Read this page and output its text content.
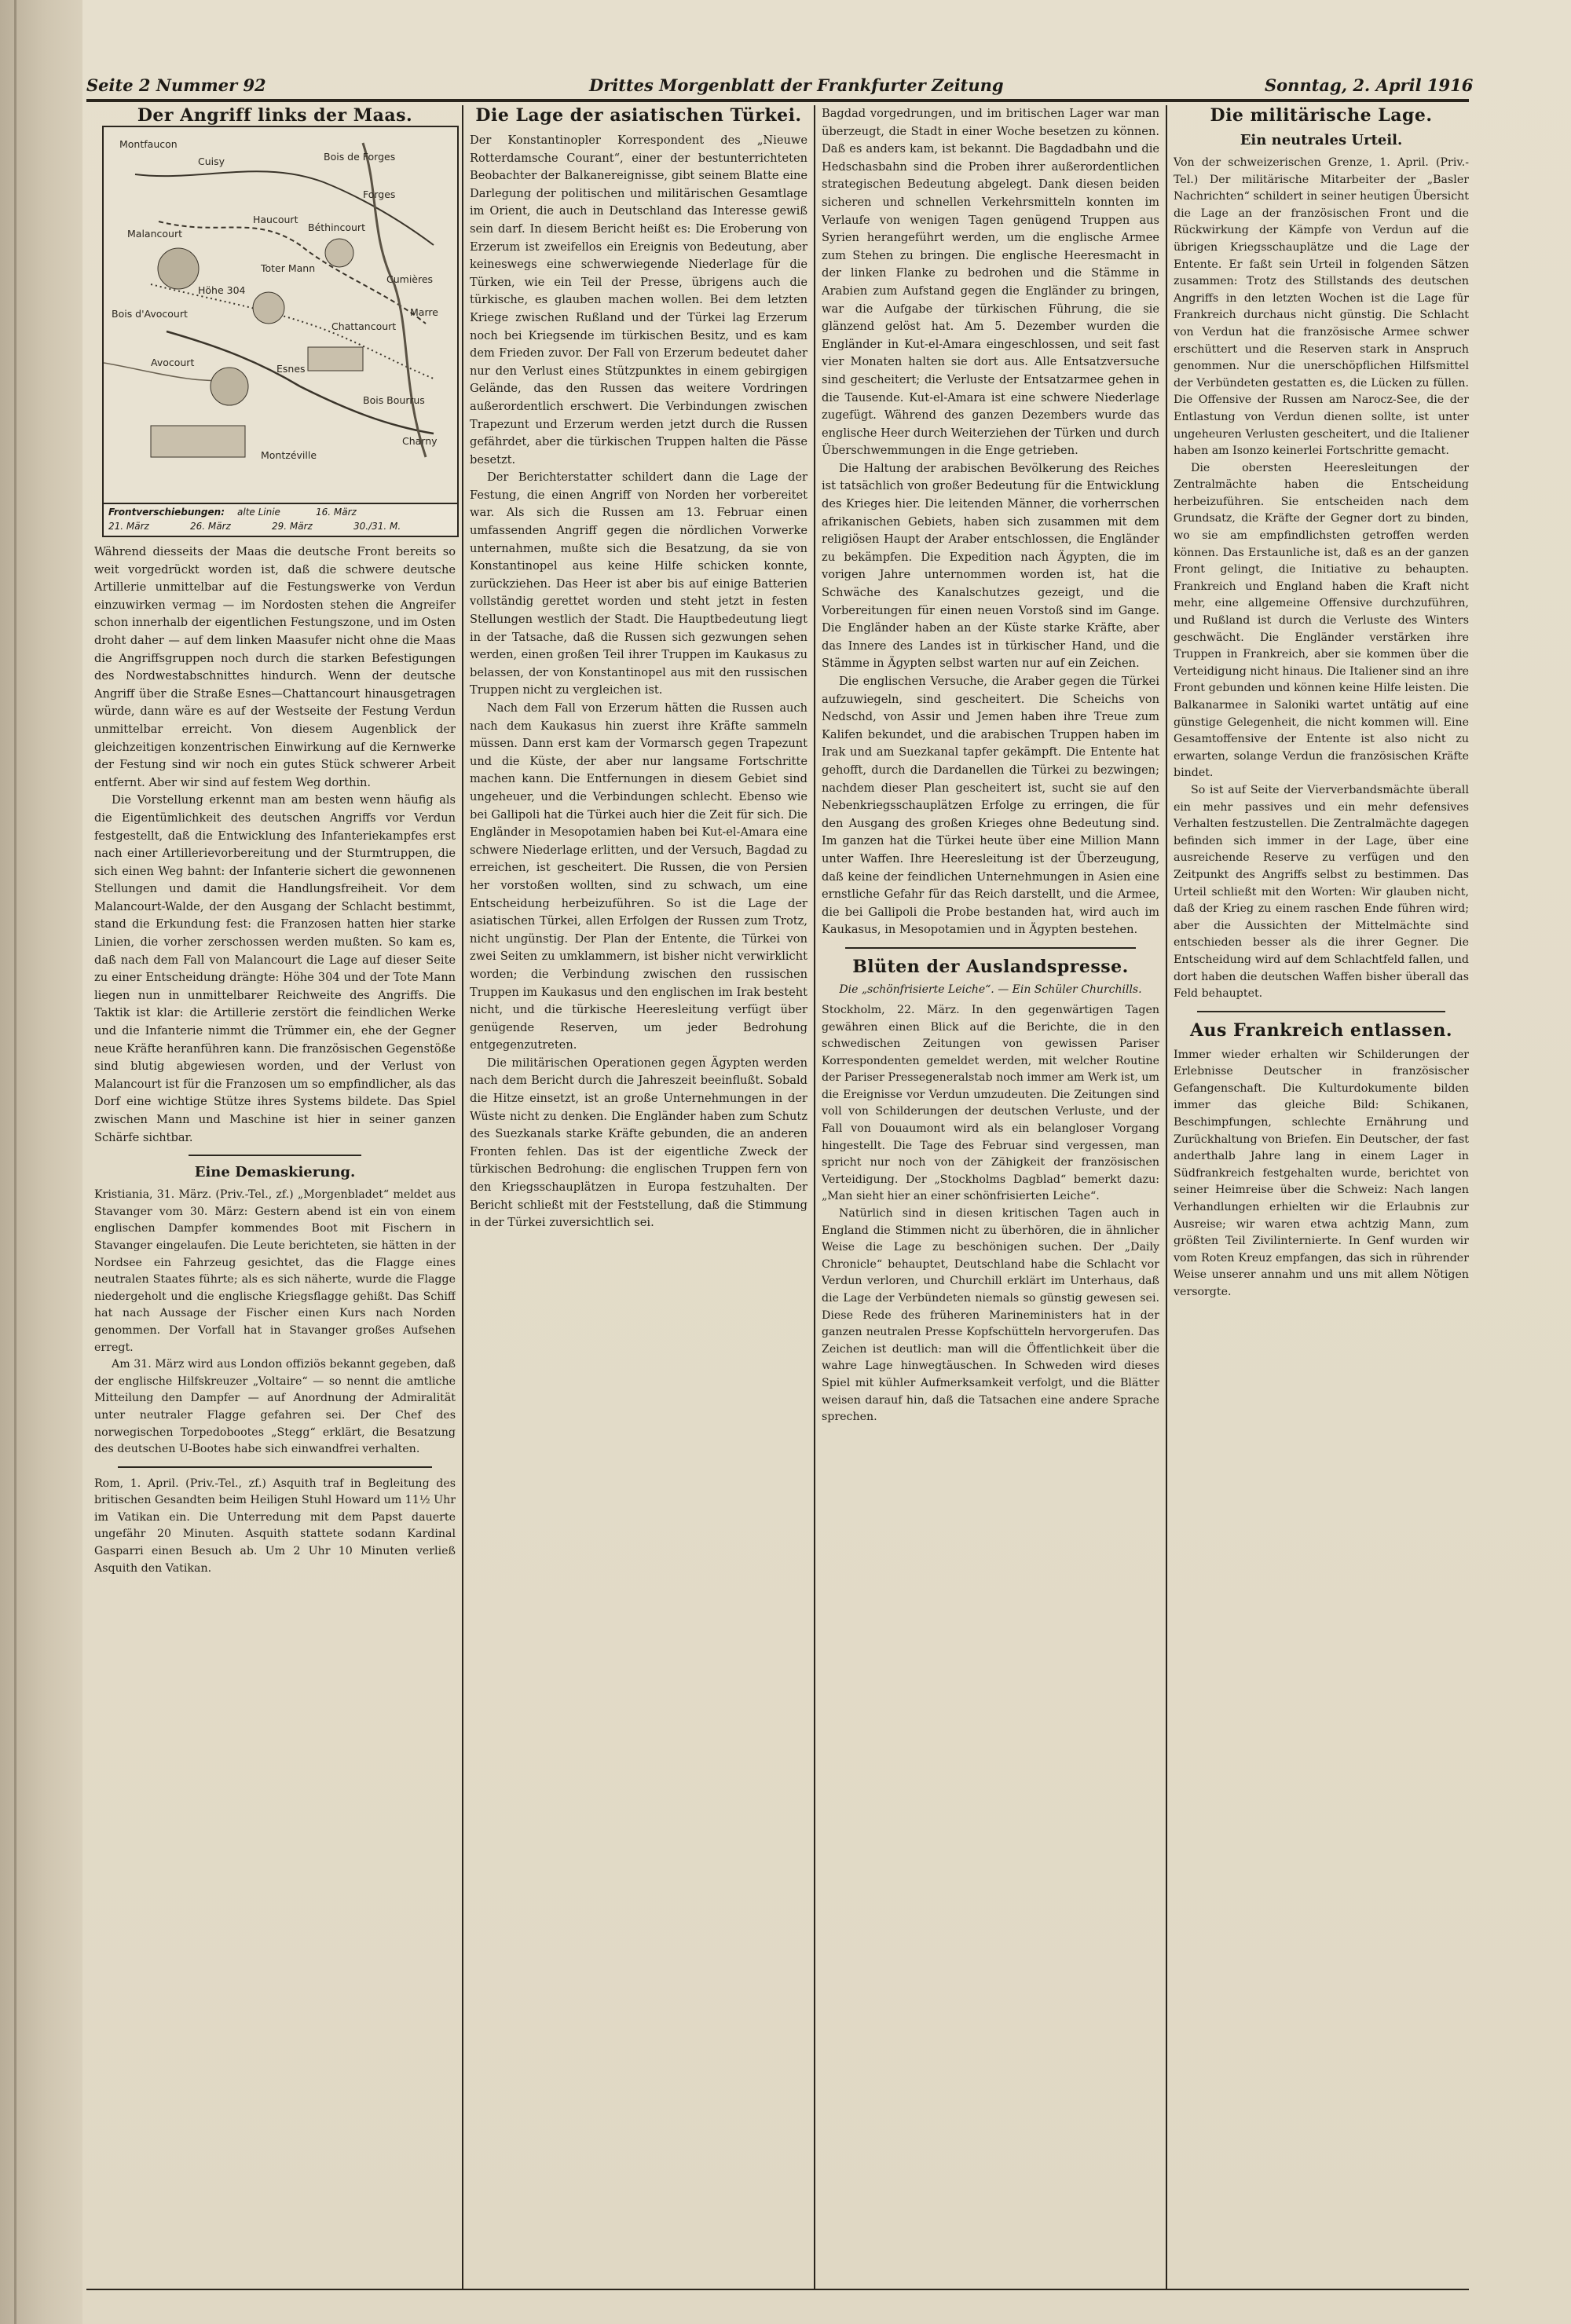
Seite 2 Nummer 92	Drittes Morgenblatt der Frankfurter Zeitung	Sonntag, 2. April 1916
Der Angriff links der Maas.
Montfaucon
Cuisy	Bois de Forges
Forges
Malancourt
Haucourt
Béthincourt
Cumières
Bois d'Avocourt
Avocourt
Chattancourt
Marre
Höhe 304
Toter Mann
Esnes
Montzéville
Bois Bourrus
Charny
Frontverschiebungen: alte Linie	16. März
21. März	26. März	29. März	30./31. M.

Während diesseits der Maas die deutsche Front bereits so weit vorgedrückt worden ist, daß die schwere deutsche Artillerie unmittelbar auf die Festungswerke von Verdun einzuwirken vermag — im Nordosten stehen die Angreifer schon innerhalb der eigentlichen Festungszone, und im Osten droht daher — auf dem linken Maasufer nicht ohne die Maas die Angriffsgruppen noch durch die starken Befestigungen des Nordwestabschnittes hindurch. Wenn der deutsche Angriff über die Straße Esnes—Chattancourt hinausgetragen würde, dann wäre es auf der Westseite der Festung Verdun unmittelbar erreicht. Von diesem Augenblick der gleichzeitigen konzentrischen Einwirkung auf die Kernwerke der Festung sind wir noch ein gutes Stück schwerer Arbeit entfernt. Aber wir sind auf festem Weg dorthin.

Die Vorstellung erkennt man am besten wenn häufig als die Eigentümlichkeit des deutschen Angriffs vor Verdun festgestellt, daß die Entwicklung des Infanteriekampfes erst nach einer Artillerievorbereitung und der Sturmtruppen, die sich einen Weg bahnt: der Infanterie sichert die gewonnenen Stellungen und damit die Handlungsfreiheit. Vor dem Malancourt-Walde, der den Ausgang der Schlacht bestimmt, stand die Erkundung fest: die Franzosen hatten hier starke Linien, die vorher zerschossen werden mußten. So kam es, daß nach dem Fall von Malancourt die Lage auf dieser Seite zu einer Entscheidung drängte: Höhe 304 und der Tote Mann liegen nun in unmittelbarer Reichweite des Angriffs. Die Taktik ist klar: die Artillerie zerstört die feindlichen Werke und die Infanterie nimmt die Trümmer ein, ehe der Gegner neue Kräfte heranführen kann. Die französischen Gegenstöße sind blutig abgewiesen worden, und der Verlust von Malancourt ist für die Franzosen um so empfindlicher, als das Dorf eine wichtige Stütze ihres Systems bildete. Das Spiel zwischen Mann und Maschine ist hier in seiner ganzen Schärfe sichtbar.

Eine Demaskierung.

Kristiania, 31. März. (Priv.-Tel., zf.) „Morgenbladet“ meldet aus Stavanger vom 30. März: Gestern abend ist ein von einem englischen Dampfer kommendes Boot mit Fischern in Stavanger eingelaufen. Die Leute berichteten, sie hätten in der Nordsee ein Fahrzeug gesichtet, das die Flagge eines neutralen Staates führte; als es sich näherte, wurde die Flagge niedergeholt und die englische Kriegsflagge gehißt. Das Schiff hat nach Aussage der Fischer einen Kurs nach Norden genommen. Der Vorfall hat in Stavanger großes Aufsehen erregt.

Am 31. März wird aus London offiziös bekannt gegeben, daß der englische Hilfskreuzer „Voltaire“ — so nennt die amtliche Mitteilung den Dampfer — auf Anordnung der Admiralität unter neutraler Flagge gefahren sei. Der Chef des norwegischen Torpedobootes „Stegg“ erklärt, die Besatzung des deutschen U-Bootes habe sich einwandfrei verhalten.

Rom, 1. April. (Priv.-Tel., zf.) Asquith traf in Begleitung des britischen Gesandten beim Heiligen Stuhl Howard um 11½ Uhr im Vatikan ein. Die Unterredung mit dem Papst dauerte ungefähr 20 Minuten. Asquith stattete sodann Kardinal Gasparri einen Besuch ab. Um 2 Uhr 10 Minuten verließ Asquith den Vatikan.

Die Lage der asiatischen Türkei.

Der Konstantinopler Korrespondent des „Nieuwe Rotterdamsche Courant“, einer der bestunterrichteten Beobachter der Balkanereignisse, gibt seinem Blatte eine Darlegung der politischen und militärischen Gesamtlage im Orient, die auch in Deutschland das Interesse gewiß sein darf. In diesem Bericht heißt es: Die Eroberung von Erzerum ist zweifellos ein Ereignis von Bedeutung, aber keineswegs eine schwerwiegende Niederlage für die Türken, wie ein Teil der Presse, übrigens auch die türkische, es glauben machen wollen. Bei dem letzten Kriege zwischen Rußland und der Türkei lag Erzerum noch bei Kriegsende im türkischen Besitz, und es kam dem Frieden zuvor. Der Fall von Erzerum bedeutet daher nur den Verlust eines Stützpunktes in einem gebirgigen Gelände, das den Russen das weitere Vordringen außerordentlich erschwert. Die Verbindungen zwischen Trapezunt und Erzerum werden jetzt durch die Russen gefährdet, aber die türkischen Truppen halten die Pässe besetzt.

Der Berichterstatter schildert dann die Lage der Festung, die einen Angriff von Norden her vorbereitet war. Als sich die Russen am 13. Februar einen umfassenden Angriff gegen die nördlichen Vorwerke unternahmen, mußte sich die Besatzung, da sie von Konstantinopel aus keine Hilfe schicken konnte, zurückziehen. Das Heer ist aber bis auf einige Batterien vollständig gerettet worden und steht jetzt in festen Stellungen westlich der Stadt. Die Hauptbedeutung liegt in der Tatsache, daß die Russen sich gezwungen sehen werden, einen großen Teil ihrer Truppen im Kaukasus zu belassen, der von Konstantinopel aus mit den russischen Truppen nicht zu vergleichen ist.

Nach dem Fall von Erzerum hätten die Russen auch nach dem Kaukasus hin zuerst ihre Kräfte sammeln müssen. Dann erst kam der Vormarsch gegen Trapezunt und die Küste, der aber nur langsame Fortschritte machen kann. Die Entfernungen in diesem Gebiet sind ungeheuer, und die Verbindungen schlecht. Ebenso wie bei Gallipoli hat die Türkei auch hier die Zeit für sich. Die Engländer in Mesopotamien haben bei Kut-el-Amara eine schwere Niederlage erlitten, und der Versuch, Bagdad zu erreichen, ist gescheitert. Die Russen, die von Persien her vorstoßen wollten, sind zu schwach, um eine Entscheidung herbeizuführen. So ist die Lage der asiatischen Türkei, allen Erfolgen der Russen zum Trotz, nicht ungünstig. Der Plan der Entente, die Türkei von zwei Seiten zu umklammern, ist bisher nicht verwirklicht worden; die Verbindung zwischen den russischen Truppen im Kaukasus und den englischen im Irak besteht nicht, und die türkische Heeresleitung verfügt über genügende Reserven, um jeder Bedrohung entgegenzutreten.

Die militärischen Operationen gegen Ägypten werden nach dem Bericht durch die Jahreszeit beeinflußt. Sobald die Hitze einsetzt, ist an große Unternehmungen in der Wüste nicht zu denken. Die Engländer haben zum Schutz des Suezkanals starke Kräfte gebunden, die an anderen Fronten fehlen. Das ist der eigentliche Zweck der türkischen Bedrohung: die englischen Truppen fern von den Kriegsschauplätzen in Europa festzuhalten. Der Bericht schließt mit der Feststellung, daß die Stimmung in der Türkei zuversichtlich sei.

Bagdad vorgedrungen, und im britischen Lager war man überzeugt, die Stadt in einer Woche besetzen zu können. Daß es anders kam, ist bekannt. Die Bagdadbahn und die Hedschasbahn sind die Proben ihrer außerordentlichen strategischen Bedeutung abgelegt. Dank diesen beiden sicheren und schnellen Verkehrsmitteln konnten im Verlaufe von wenigen Tagen genügend Truppen aus Syrien herangeführt werden, um die englische Armee zum Stehen zu bringen. Die englische Heeresmacht in der linken Flanke zu bedrohen und die Stämme in Arabien zum Aufstand gegen die Engländer zu bringen, war die Aufgabe der türkischen Führung, die sie glänzend gelöst hat. Am 5. Dezember wurden die Engländer in Kut-el-Amara eingeschlossen, und seit fast vier Monaten halten sie dort aus. Alle Entsatzversuche sind gescheitert; die Verluste der Entsatzarmee gehen in die Tausende. Kut-el-Amara ist eine schwere Niederlage zugefügt. Während des ganzen Dezembers wurde das englische Heer durch Weiterziehen der Türken und durch Überschwemmungen in die Enge getrieben.

Die Haltung der arabischen Bevölkerung des Reiches ist tatsächlich von großer Bedeutung für die Entwicklung des Krieges hier. Die leitenden Männer, die vorherrschen afrikanischen Gebiets, haben sich zusammen mit dem religiösen Haupt der Araber entschlossen, die Engländer zu bekämpfen. Die Expedition nach Ägypten, die im vorigen Jahre unternommen worden ist, hat die Schwäche des Kanalschutzes gezeigt, und die Vorbereitungen für einen neuen Vorstoß sind im Gange. Die Engländer haben an der Küste starke Kräfte, aber das Innere des Landes ist in türkischer Hand, und die Stämme in Ägypten selbst warten nur auf ein Zeichen.

Die englischen Versuche, die Araber gegen die Türkei aufzuwiegeln, sind gescheitert. Die Scheichs von Nedschd, von Assir und Jemen haben ihre Treue zum Kalifen bekundet, und die arabischen Truppen haben im Irak und am Suezkanal tapfer gekämpft. Die Entente hat gehofft, durch die Dardanellen die Türkei zu bezwingen; nachdem dieser Plan gescheitert ist, sucht sie auf den Nebenkriegsschauplätzen Erfolge zu erringen, die für den Ausgang des großen Krieges ohne Bedeutung sind. Im ganzen hat die Türkei heute über eine Million Mann unter Waffen. Ihre Heeresleitung ist der Überzeugung, daß keine der feindlichen Unternehmungen in Asien eine ernstliche Gefahr für das Reich darstellt, und die Armee, die bei Gallipoli die Probe bestanden hat, wird auch im Kaukasus, in Mesopotamien und in Ägypten bestehen.

Blüten der Auslandspresse.
Die „schönfrisierte Leiche“. — Ein Schüler Churchills.

Stockholm, 22. März. In den gegenwärtigen Tagen gewähren einen Blick auf die Berichte, die in den schwedischen Zeitungen von gewissen Pariser Korrespondenten gemeldet werden, mit welcher Routine der Pariser Pressegeneralstab noch immer am Werk ist, um die Ereignisse vor Verdun umzudeuten. Die Zeitungen sind voll von Schilderungen der deutschen Verluste, und der Fall von Douaumont wird als ein belangloser Vorgang hingestellt. Die Tage des Februar sind vergessen, man spricht nur noch von der Zähigkeit der französischen Verteidigung. Der „Stockholms Dagblad“ bemerkt dazu: „Man sieht hier an einer schönfrisierten Leiche“.

Natürlich sind in diesen kritischen Tagen auch in England die Stimmen nicht zu überhören, die in ähnlicher Weise die Lage zu beschönigen suchen. Der „Daily Chronicle“ behauptet, Deutschland habe die Schlacht vor Verdun verloren, und Churchill erklärt im Unterhaus, daß die Lage der Verbündeten niemals so günstig gewesen sei. Diese Rede des früheren Marineministers hat in der ganzen neutralen Presse Kopfschütteln hervorgerufen. Das Zeichen ist deutlich: man will die Öffentlichkeit über die wahre Lage hinwegtäuschen. In Schweden wird dieses Spiel mit kühler Aufmerksamkeit verfolgt, und die Blätter weisen darauf hin, daß die Tatsachen eine andere Sprache sprechen.

Die militärische Lage.
Ein neutrales Urteil.

Von der schweizerischen Grenze, 1. April. (Priv.-Tel.) Der militärische Mitarbeiter der „Basler Nachrichten“ schildert in seiner heutigen Übersicht die Lage an der französischen Front und die Rückwirkung der Kämpfe von Verdun auf die übrigen Kriegsschauplätze und die Lage der Entente. Er faßt sein Urteil in folgenden Sätzen zusammen: Trotz des Stillstands des deutschen Angriffs in den letzten Wochen ist die Lage für Frankreich durchaus nicht günstig. Die Schlacht von Verdun hat die französische Armee schwer erschüttert und die Reserven stark in Anspruch genommen. Nur die unerschöpflichen Hilfsmittel der Verbündeten gestatten es, die Lücken zu füllen. Die Offensive der Russen am Narocz-See, die der Entlastung von Verdun dienen sollte, ist unter ungeheuren Verlusten gescheitert, und die Italiener haben am Isonzo keinerlei Fortschritte gemacht.

Die obersten Heeresleitungen der Zentralmächte haben die Entscheidung herbeizuführen. Sie entscheiden nach dem Grundsatz, die Kräfte der Gegner dort zu binden, wo sie am empfindlichsten getroffen werden können. Das Erstaunliche ist, daß es an der ganzen Front gelingt, die Initiative zu behaupten. Frankreich und England haben die Kraft nicht mehr, eine allgemeine Offensive durchzuführen, und Rußland ist durch die Verluste des Winters geschwächt. Die Engländer verstärken ihre Truppen in Frankreich, aber sie kommen über die Verteidigung nicht hinaus. Die Italiener sind an ihre Front gebunden und können keine Hilfe leisten. Die Balkanarmee in Saloniki wartet untätig auf eine günstige Gelegenheit, die nicht kommen will. Eine Gesamtoffensive der Entente ist also nicht zu erwarten, solange Verdun die französischen Kräfte bindet.

So ist auf Seite der Vierverbandsmächte überall ein mehr passives und ein mehr defensives Verhalten festzustellen. Die Zentralmächte dagegen befinden sich immer in der Lage, über eine ausreichende Reserve zu verfügen und den Zeitpunkt des Angriffs selbst zu bestimmen. Das Urteil schließt mit den Worten: Wir glauben nicht, daß der Krieg zu einem raschen Ende führen wird; aber die Aussichten der Mittelmächte sind entschieden besser als die ihrer Gegner. Die Entscheidung wird auf dem Schlachtfeld fallen, und dort haben die deutschen Waffen bisher überall das Feld behauptet.

Aus Frankreich entlassen.

Immer wieder erhalten wir Schilderungen der Erlebnisse Deutscher in französischer Gefangenschaft. Die Kulturdokumente bilden immer das gleiche Bild: Schikanen, Beschimpfungen, schlechte Ernährung und Zurückhaltung von Briefen. Ein Deutscher, der fast anderthalb Jahre lang in einem Lager in Südfrankreich festgehalten wurde, berichtet von seiner Heimreise über die Schweiz: Nach langen Verhandlungen erhielten wir die Erlaubnis zur Ausreise; wir waren etwa achtzig Mann, zum größten Teil Zivilinternierte. In Genf wurden wir vom Roten Kreuz empfangen, das sich in rührender Weise unserer annahm und uns mit allem Nötigen versorgte.
